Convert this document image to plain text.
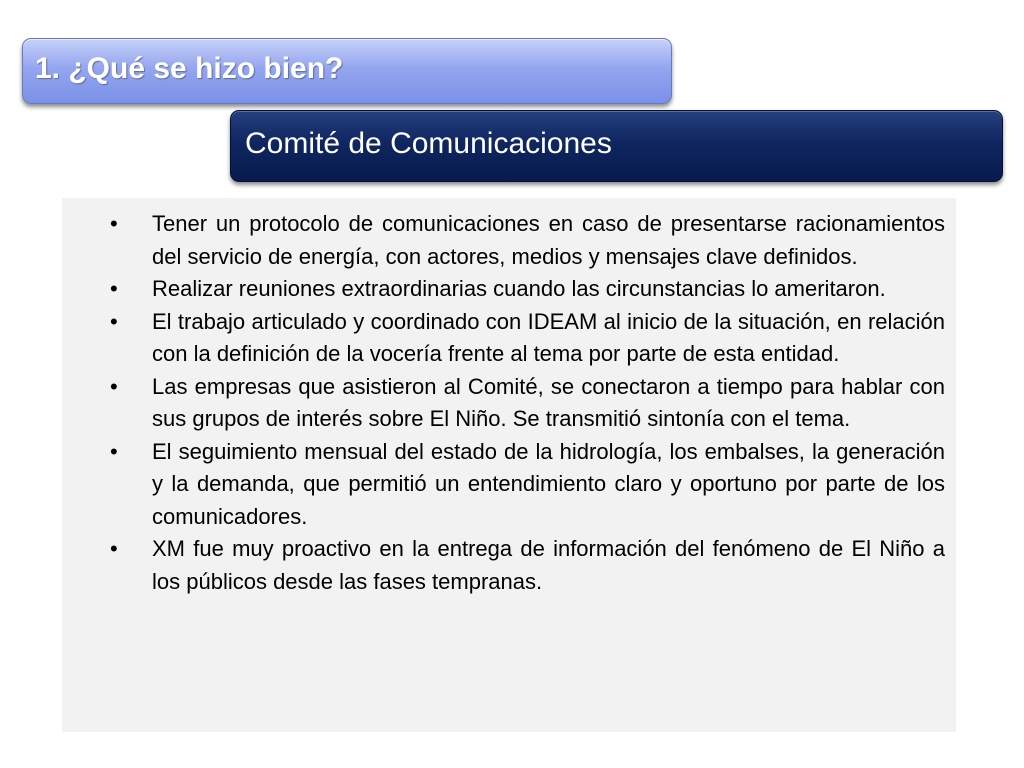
1. ¿Qué se hizo bien?
Comité de Comunicaciones
• Tener un protocolo de comunicaciones en caso de presentarse racionamientos del servicio de energía, con actores, medios y mensajes clave definidos.
• Realizar reuniones extraordinarias cuando las circunstancias lo ameritaron.
• El trabajo articulado y coordinado con IDEAM al inicio de la situación, en relación con la definición de la vocería frente al tema por parte de esta entidad.
• Las empresas que asistieron al Comité, se conectaron a tiempo para hablar con sus grupos de interés sobre El Niño. Se transmitió sintonía con el tema.
• El seguimiento mensual del estado de la hidrología, los embalses, la generación y la demanda, que permitió un entendimiento claro y oportuno por parte de los comunicadores.
• XM fue muy proactivo en la entrega de información del fenómeno de El Niño a los públicos desde las fases tempranas.
